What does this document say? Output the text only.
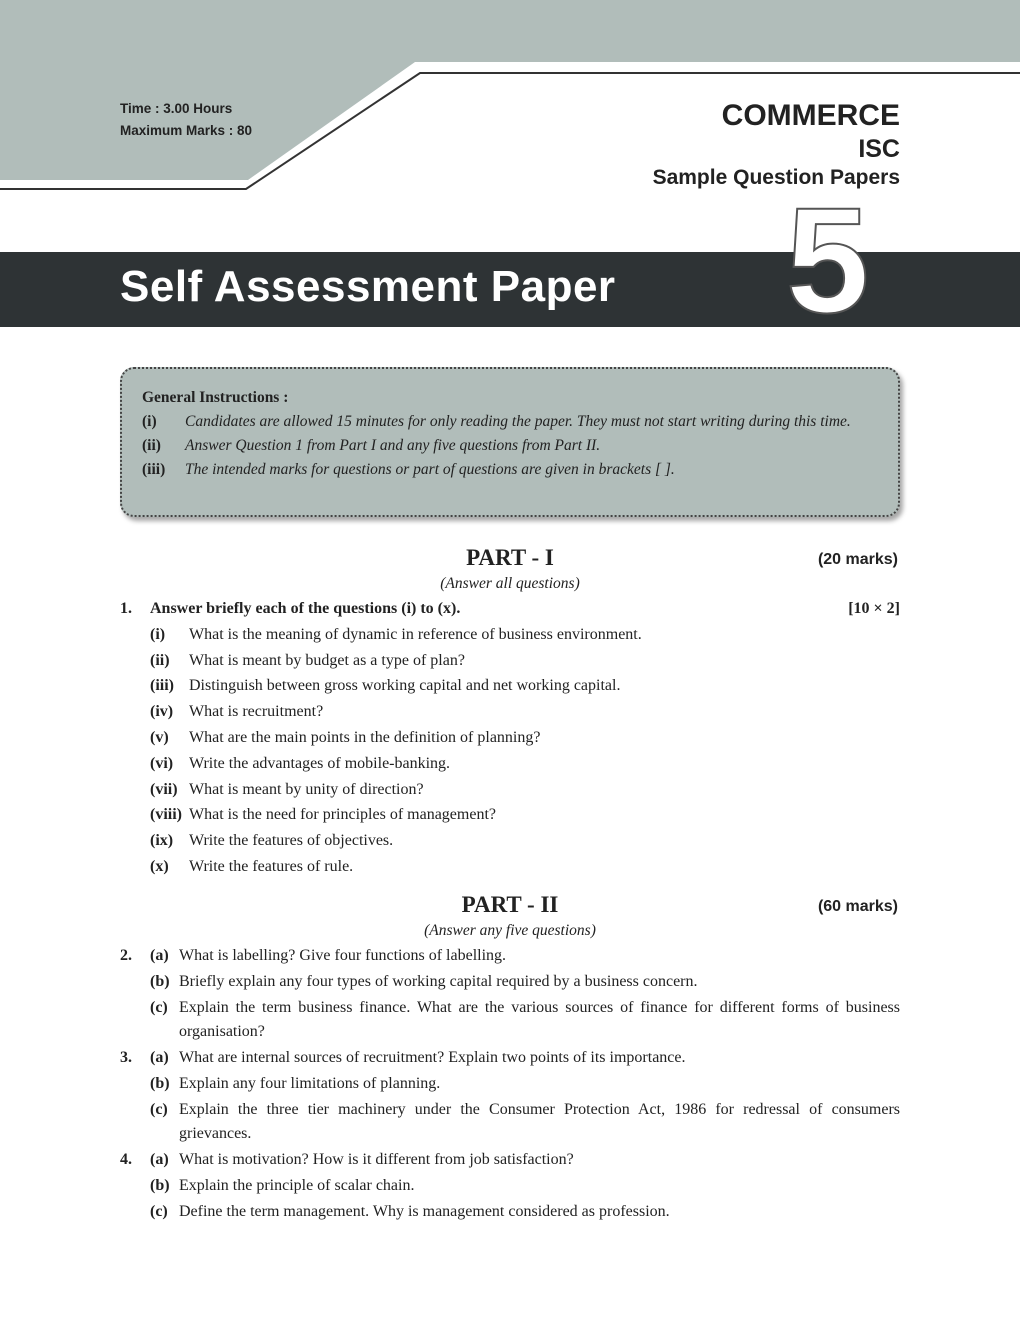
Time : 3.00 Hours
Maximum Marks : 80	COMMERCE
ISC
Sample Question Papers
Self Assessment Paper 5
General Instructions :
(i)	Candidates are allowed 15 minutes for only reading the paper. They must not start writing during this time.
(ii)	Answer Question 1 from Part I and any five questions from Part II.
(iii)	The intended marks for questions or part of questions are given in brackets [ ].
PART - I	(20 marks)
(Answer all questions)
1.	Answer briefly each of the questions (i) to (x).	[10 × 2]
(i)	What is the meaning of dynamic in reference of business environment.
(ii)	What is meant by budget as a type of plan?
(iii) Distinguish between gross working capital and net working capital.
(iv) What is recruitment?
(v)	What are the main points in the definition of planning?
(vi) Write the advantages of mobile-banking.
(vii) What is meant by unity of direction?
(viii) What is the need for principles of management?
(ix) Write the features of objectives.
(x)	Write the features of rule.
PART - II	(60 marks)
(Answer any five questions)
2.	(a) What is labelling? Give four functions of labelling.
(b) Briefly explain any four types of working capital required by a business concern.
(c) Explain the term business finance. What are the various sources of finance for different forms of business organisation?
3.	(a) What are internal sources of recruitment? Explain two points of its importance.
(b) Explain any four limitations of planning.
(c) Explain the three tier machinery under the Consumer Protection Act, 1986 for redressal of consumers grievances.
4.	(a) What is motivation? How is it different from job satisfaction?
(b) Explain the principle of scalar chain.
(c) Define the term management. Why is management considered as profession.
